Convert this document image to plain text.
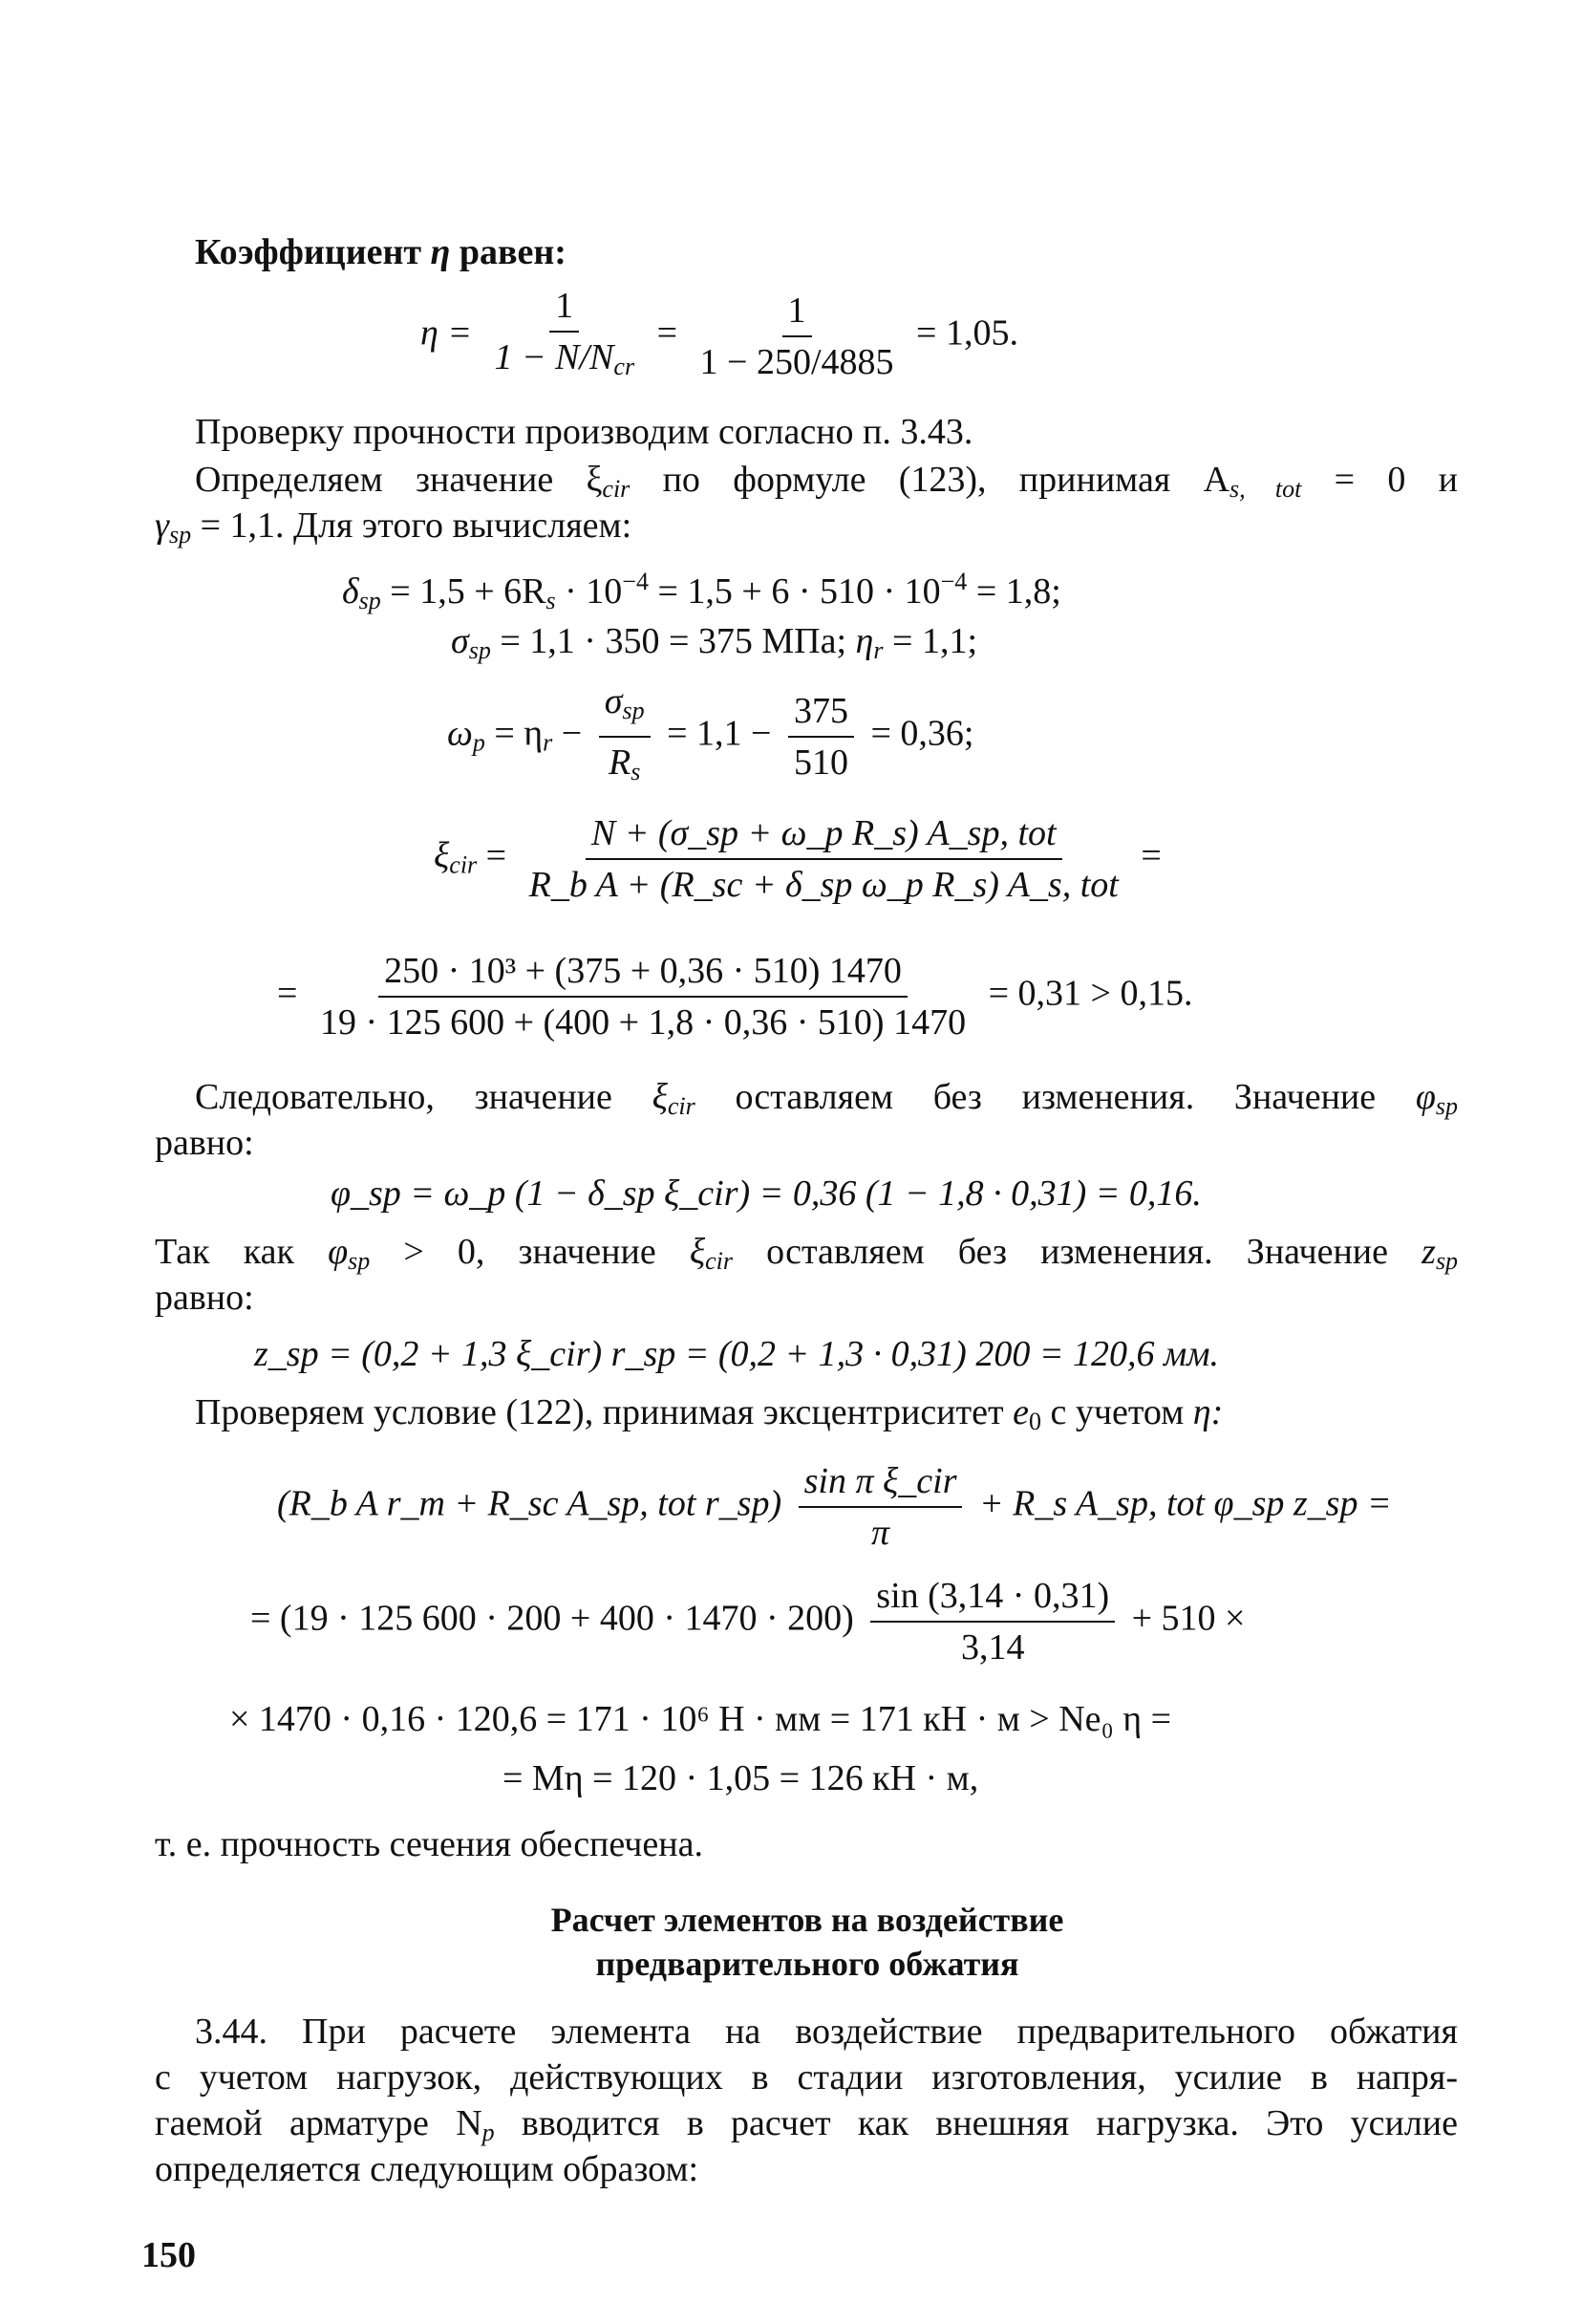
Коэффициент η равен:
$\eta = \frac{1}{1 - N/N_{cr}} = \frac{1}{1 - 250/4885} = 1,05$.
Проверку прочности производим согласно п. 3.43.
Определяем значение $\xi_{cir}$ по формуле (123), принимая $A_{s, tot} = 0$ и
$\gamma_{sp} = 1,1$. Для этого вычисляем:
$\delta_{sp} = 1,5 + 6R_s \cdot 10^{-4} = 1,5 + 6 \cdot 510 \cdot 10^{-4} = 1,8$;
$\sigma_{sp} = 1,1 \cdot 350 = 375$ МПа; $\eta_r = 1,1$;
$\omega_p = \eta_r - \frac{\sigma_{sp}}{R_s} = 1,1 - \frac{375}{510} = 0,36$;
$\xi_{cir} = \frac{\text{N + (σ\_sp + ω\_p R\_s) A\_sp, tot}}{\text{R\_b A + (R\_sc + δ\_sp ω\_p R\_s) A\_s, tot}}$ =
= $\frac{\text{250 · 10³ + (375 + 0,36 · 510) 1470}}{19 \cdot 125 600 + (400 + 1,8 \cdot 0,36 \cdot 510) 1470} = 0,31 > 0,15$.
Следовательно, значение $\xi_{cir}$ оставляем без изменения. Значение $\varphi_{sp}$
равно:
φ_sp = ω_p (1 − δ_sp ξ_cir) = 0,36 (1 − 1,8 · 0,31) = 0,16.
Так как $\varphi_{sp} > 0$, значение $\xi_{cir}$ оставляем без изменения. Значение $z_{sp}$
равно:
z_sp = (0,2 + 1,3 ξ_cir) r_sp = (0,2 + 1,3 · 0,31) 200 = 120,6 мм.
Проверяем условие (122), принимая эксцентриситет $e_0$ с учетом η:
(R_b A r_m + R_sc A_sp, tot r_sp) $\frac{\text{sin π ξ\_cir}}{\pi}$ + R_s A_sp, tot φ_sp z_sp =
= (19 · 125 $600 \cdot 200 + 400 \cdot 1470 \cdot 200) \frac{\sin (3,14 \cdot 0,31)}{3,14} + 510$ ×
× 1470 · 0,16 · 120,6 = 171 · 10⁶ Н · мм = 171 кН · м > Ne₀ η =
= Mη = 120 · 1,05 = 126 кН · м,
т. е. прочность сечения обеспечена.
Расчет элементов на воздействие
предварительного обжатия
3.44. При расчете элемента на воздействие предварительного обжатия
с учетом нагрузок, действующих в стадии изготовления, усилие в напря-
гаемой арматуре $N_p$ вводится в расчет как внешняя нагрузка. Это усилие
определяется следующим образом:
150
